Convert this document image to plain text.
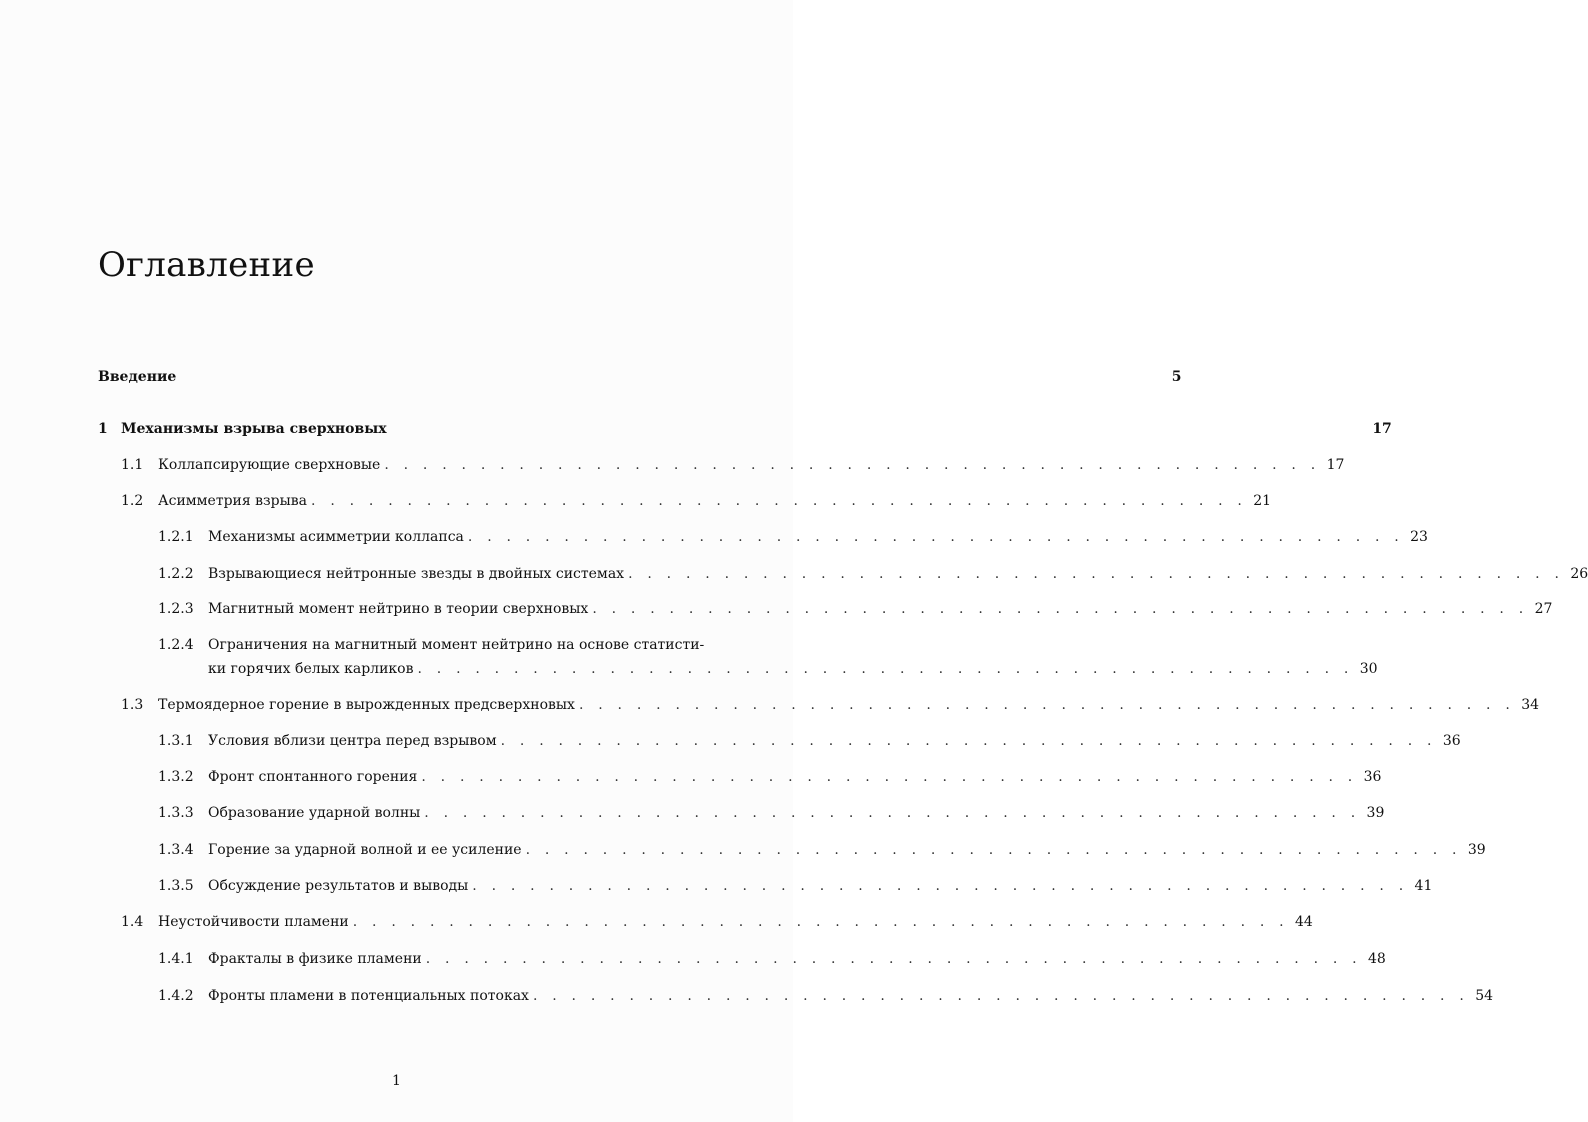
Оглавление
Введение	5
1 Механизмы взрыва сверхновых	17
1.1	Коллапсирующие сверхновые . . . . . . . . . . . . . . . . . . . . . . . . . . . . . . . . . . . . . . . . . . . . . . . . . 17
1.2	Асимметрия взрыва . . . . . . . . . . . . . . . . . . . . . . . . . . . . . . . . . . . . . . . . . . . . . . . . . 21
1.2.1	Механизмы асимметрии коллапса . . . . . . . . . . . . . . . . . . . . . . . . . . . . . . . . . . . . . . . . . . . . . . . . . 23
1.2.2	Взрывающиеся нейтронные звезды в двойных системах . . . . . . . . . . . . . . . . . . . . . . . . . . . . . . . . . . . . . . . . . . . . . . . . . 26
1.2.3	Магнитный момент нейтрино в теории сверхновых . . . . . . . . . . . . . . . . . . . . . . . . . . . . . . . . . . . . . . . . . . . . . . . . . 27
1.2.4	Ограничения на магнитный момент нейтрино на основе статисти-
ки горячих белых карликов . . . . . . . . . . . . . . . . . . . . . . . . . . . . . . . . . . . . . . . . . . . . . . . . . 30
1.3	Термоядерное горение в вырожденных предсверхновых . . . . . . . . . . . . . . . . . . . . . . . . . . . . . . . . . . . . . . . . . . . . . . . . . 34
1.3.1	Условия вблизи центра перед взрывом . . . . . . . . . . . . . . . . . . . . . . . . . . . . . . . . . . . . . . . . . . . . . . . . . 36
1.3.2	Фронт спонтанного горения . . . . . . . . . . . . . . . . . . . . . . . . . . . . . . . . . . . . . . . . . . . . . . . . . 36
1.3.3	Образование ударной волны . . . . . . . . . . . . . . . . . . . . . . . . . . . . . . . . . . . . . . . . . . . . . . . . . 39
1.3.4	Горение за ударной волной и ее усиление . . . . . . . . . . . . . . . . . . . . . . . . . . . . . . . . . . . . . . . . . . . . . . . . . 39
1.3.5	Обсуждение результатов и выводы . . . . . . . . . . . . . . . . . . . . . . . . . . . . . . . . . . . . . . . . . . . . . . . . . 41
1.4	Неустойчивости пламени . . . . . . . . . . . . . . . . . . . . . . . . . . . . . . . . . . . . . . . . . . . . . . . . . 44
1.4.1	Фракталы в физике пламени . . . . . . . . . . . . . . . . . . . . . . . . . . . . . . . . . . . . . . . . . . . . . . . . . 48
1.4.2	Фронты пламени в потенциальных потоках . . . . . . . . . . . . . . . . . . . . . . . . . . . . . . . . . . . . . . . . . . . . . . . . . 54
1
